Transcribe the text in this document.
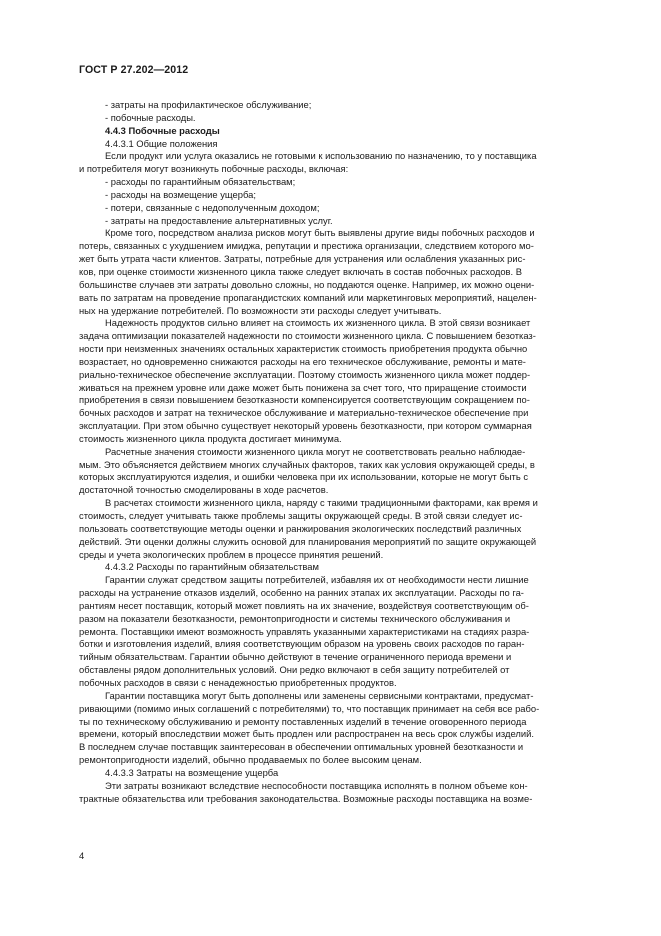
ГОСТ Р 27.202—2012

- затраты на профилактическое обслуживание;

- побочные расходы.

4.4.3 Побочные расходы

4.4.3.1 Общие положения

Если продукт или услуга оказались не готовыми к использованию по назначению, то у поставщика
и потребителя могут возникнуть побочные расходы, включая:

- расходы по гарантийным обязательствам;

- расходы на возмещение ущерба;

- потери, связанные с недополученным доходом;

- затраты на предоставление альтернативных услуг.

Кроме того, посредством анализа рисков могут быть выявлены другие виды побочных расходов и
потерь, связанных с ухудшением имиджа, репутации и престижа организации, следствием которого мо-
жет быть утрата части клиентов. Затраты, потребные для устранения или ослабления указанных рис-
ков, при оценке стоимости жизненного цикла также следует включать в состав побочных расходов. В
большинстве случаев эти затраты довольно сложны, но поддаются оценке. Например, их можно оцени-
вать по затратам на проведение пропагандистских компаний или маркетинговых мероприятий, нацелен-
ных на удержание потребителей. По возможности эти расходы следует учитывать.

Надежность продуктов сильно влияет на стоимость их жизненного цикла. В этой связи возникает
задача оптимизации показателей надежности по стоимости жизненного цикла. С повышением безотказ-
ности при неизменных значениях остальных характеристик стоимость приобретения продукта обычно
возрастает, но одновременно снижаются расходы на его техническое обслуживание, ремонты и мате-
риально-техническое обеспечение эксплуатации. Поэтому стоимость жизненного цикла может поддер-
живаться на прежнем уровне или даже может быть понижена за счет того, что приращение стоимости
приобретения в связи повышением безотказности компенсируется соответствующим сокращением по-
бочных расходов и затрат на техническое обслуживание и материально-техническое обеспечение при
эксплуатации. При этом обычно существует некоторый уровень безотказности, при котором суммарная
стоимость жизненного цикла продукта достигает минимума.

Расчетные значения стоимости жизненного цикла могут не соответствовать реально наблюдае-
мым. Это объясняется действием многих случайных факторов, таких как условия окружающей среды, в
которых эксплуатируются изделия, и ошибки человека при их использовании, которые не могут быть с
достаточной точностью смоделированы в ходе расчетов.

В расчетах стоимости жизненного цикла, наряду с такими традиционными факторами, как время и
стоимость, следует учитывать также проблемы защиты окружающей среды. В этой связи следует ис-
пользовать соответствующие методы оценки и ранжирования экологических последствий различных
действий. Эти оценки должны служить основой для планирования мероприятий по защите окружающей
среды и учета экологических проблем в процессе принятия решений.

4.4.3.2 Расходы по гарантийным обязательствам

Гарантии служат средством защиты потребителей, избавляя их от необходимости нести лишние
расходы на устранение отказов изделий, особенно на ранних этапах их эксплуатации. Расходы по га-
рантиям несет поставщик, который может повлиять на их значение, воздействуя соответствующим об-
разом на показатели безотказности, ремонтопригодности и системы технического обслуживания и
ремонта. Поставщики имеют возможность управлять указанными характеристиками на стадиях разра-
ботки и изготовления изделий, влияя соответствующим образом на уровень своих расходов по гаран-
тийным обязательствам. Гарантии обычно действуют в течение ограниченного периода времени и
обставлены рядом дополнительных условий. Они редко включают в себя защиту потребителей от
побочных расходов в связи с ненадежностью приобретенных продуктов.

Гарантии поставщика могут быть дополнены или заменены сервисными контрактами, предусмат-
ривающими (помимо иных соглашений с потребителями) то, что поставщик принимает на себя все рабо-
ты по техническому обслуживанию и ремонту поставленных изделий в течение оговоренного периода
времени, который впоследствии может быть продлен или распространен на весь срок службы изделий.
В последнем случае поставщик заинтересован в обеспечении оптимальных уровней безотказности и
ремонтопригодности изделий, обычно продаваемых по более высоким ценам.

4.4.3.3 Затраты на возмещение ущерба

Эти затраты возникают вследствие неспособности поставщика исполнять в полном объеме кон-
трактные обязательства или требования законодательства. Возможные расходы поставщика на возме-

4
